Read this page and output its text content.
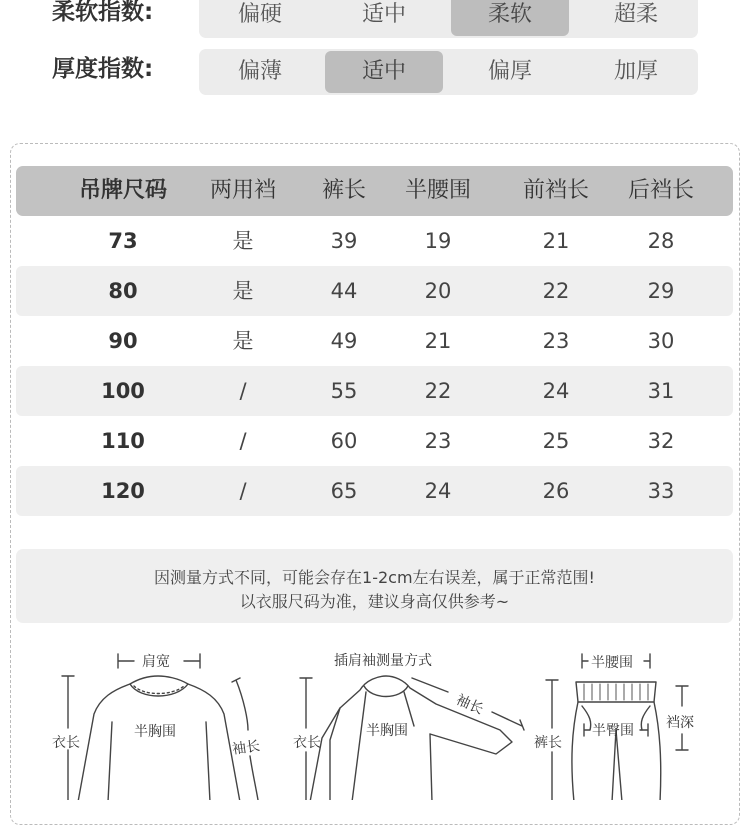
柔软指数:	偏硬	适中	柔软	超柔
厚度指数:	偏薄	适中	偏厚	加厚
吊牌尺码	两用裆	裤长	半腰围	前裆长	后裆长
73	是	39	19	21	28
80	是	44	20	22	29
90	是	49	21	23	30
100	/	55	22	24	31
110	/	60	23	25	32
120	/	65	24	26	33
因测量方式不同，可能会存在1-2cm左右误差，属于正常范围!
以衣服尺码为准，建议身高仅供参考~
肩宽
半胸围
衣长	袖长
插肩袖测量方式
袖长
半胸围
衣长
半腰围
半臀围
裤长
裆深
